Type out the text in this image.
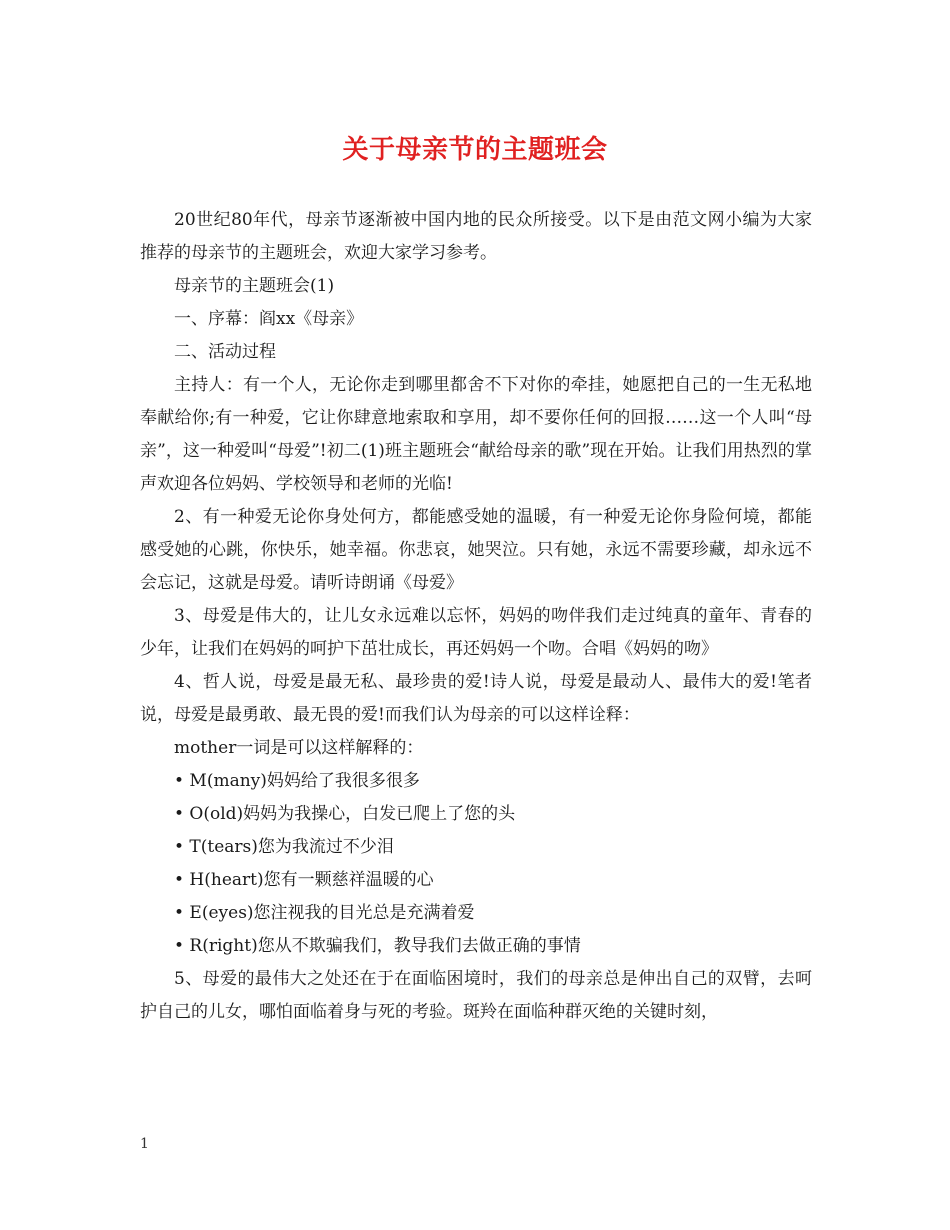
关于母亲节的主题班会

20世纪80年代，母亲节逐渐被中国内地的民众所接受。以下是由范文网小编为大家推荐的母亲节的主题班会，欢迎大家学习参考。

母亲节的主题班会(1)

一、序幕：阎xx《母亲》

二、活动过程

主持人：有一个人，无论你走到哪里都舍不下对你的牵挂，她愿把自己的一生无私地奉献给你;有一种爱，它让你肆意地索取和享用，却不要你任何的回报……这一个人叫“母亲”，这一种爱叫“母爱”!初二(1)班主题班会“献给母亲的歌”现在开始。让我们用热烈的掌声欢迎各位妈妈、学校领导和老师的光临!

2、有一种爱无论你身处何方，都能感受她的温暖，有一种爱无论你身险何境，都能感受她的心跳，你快乐，她幸福。你悲哀，她哭泣。只有她，永远不需要珍藏，却永远不会忘记，这就是母爱。请听诗朗诵《母爱》

3、母爱是伟大的，让儿女永远难以忘怀，妈妈的吻伴我们走过纯真的童年、青春的少年，让我们在妈妈的呵护下茁壮成长，再还妈妈一个吻。合唱《妈妈的吻》

4、哲人说，母爱是最无私、最珍贵的爱!诗人说，母爱是最动人、最伟大的爱!笔者说，母爱是最勇敢、最无畏的爱!而我们认为母亲的可以这样诠释：

mother一词是可以这样解释的：

• M(many)妈妈给了我很多很多

• O(old)妈妈为我操心，白发已爬上了您的头

• T(tears)您为我流过不少泪

• H(heart)您有一颗慈祥温暖的心

• E(eyes)您注视我的目光总是充满着爱

• R(right)您从不欺骗我们，教导我们去做正确的事情

5、母爱的最伟大之处还在于在面临困境时，我们的母亲总是伸出自己的双臂，去呵护自己的儿女，哪怕面临着身与死的考验。斑羚在面临种群灭绝的关键时刻，

1
